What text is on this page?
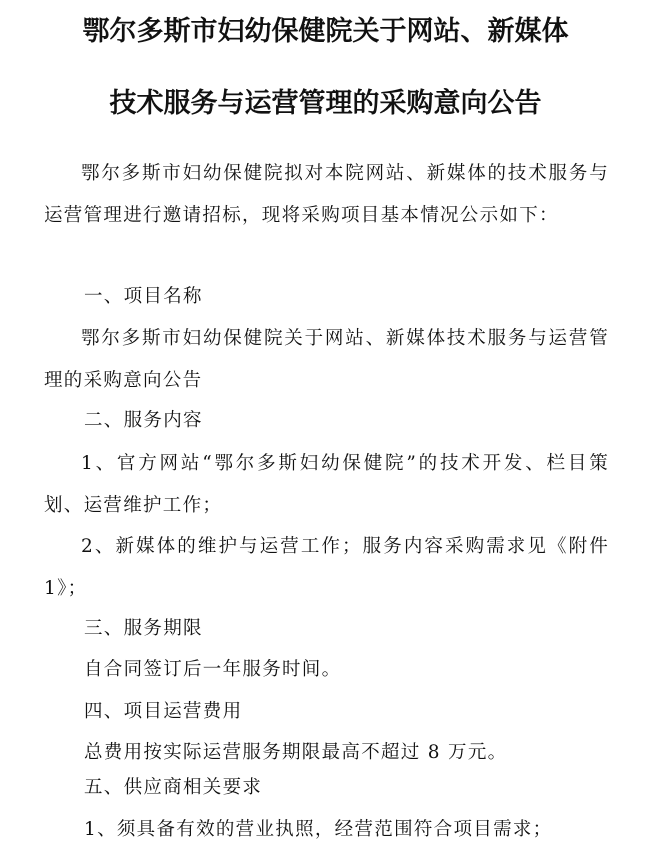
鄂尔多斯市妇幼保健院关于网站、新媒体
技术服务与运营管理的采购意向公告
鄂尔多斯市妇幼保健院拟对本院网站、新媒体的技术服务与运营管理进行邀请招标，现将采购项目基本情况公示如下：
一、项目名称
鄂尔多斯市妇幼保健院关于网站、新媒体技术服务与运营管理的采购意向公告
二、服务内容
1、官方网站“鄂尔多斯妇幼保健院”的技术开发、栏目策划、运营维护工作；
2、新媒体的维护与运营工作；服务内容采购需求见《附件 1》；
三、服务期限
自合同签订后一年服务时间。
四、项目运营费用
总费用按实际运营服务期限最高不超过 8 万元。
五、供应商相关要求
1、须具备有效的营业执照，经营范围符合项目需求；
